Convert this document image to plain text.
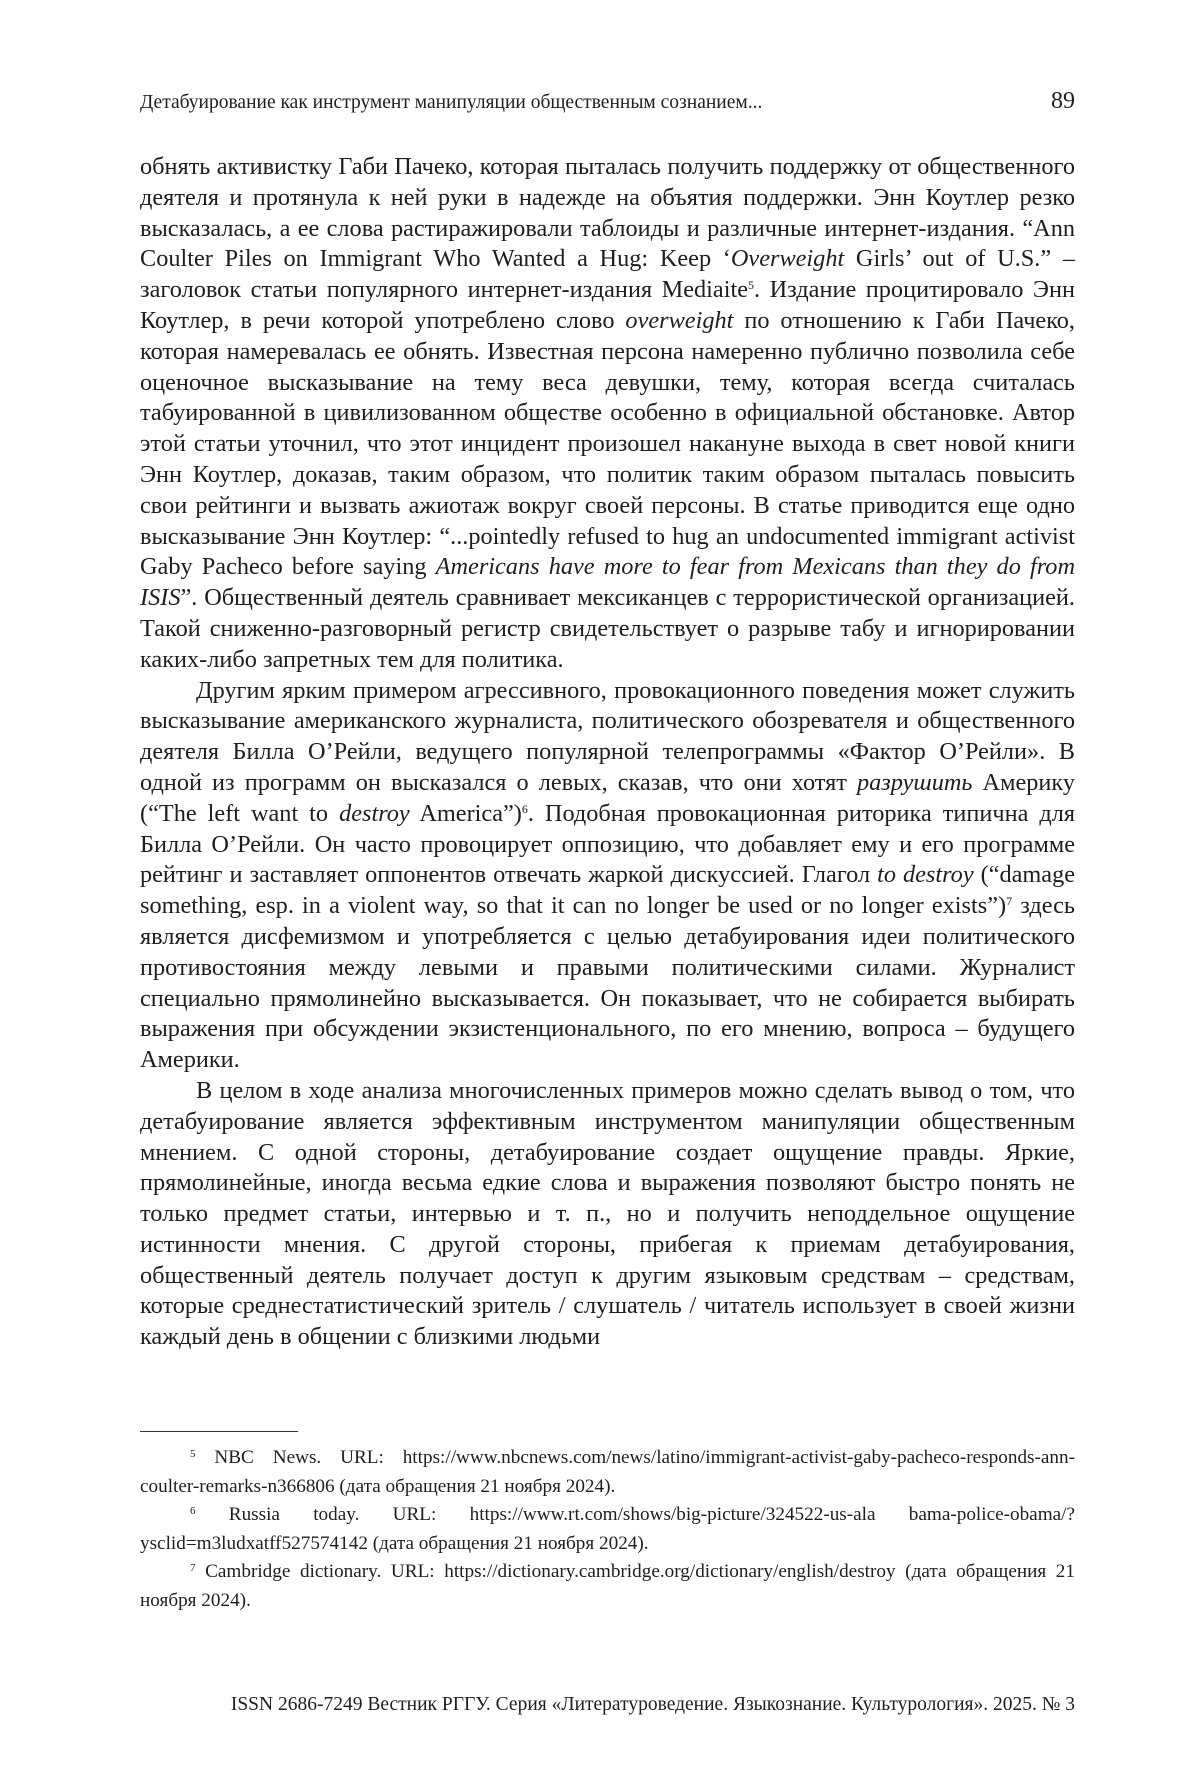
Детабуирование как инструмент манипуляции общественным сознанием...	89

обнять активистку Габи Пачеко, которая пыталась получить поддержку от общественного деятеля и протянула к ней руки в надежде на объятия поддержки. Энн Коутлер резко высказалась, а ее слова растиражировали таблоиды и различные интернет-издания. “Ann Coulter Piles on Immigrant Who Wanted a Hug: Keep ‘Overweight Girls’ out of U.S.” – заголовок статьи популярного интернет-издания Mediaite5. Издание процитировало Энн Коутлер, в речи которой употреблено слово overweight по отношению к Габи Пачеко, которая намеревалась ее обнять. Известная персона намеренно публично позволила себе оценочное высказывание на тему веса девушки, тему, которая всегда считалась табуированной в цивилизованном обществе особенно в официальной обстановке. Автор этой статьи уточнил, что этот инцидент произошел накануне выхода в свет новой книги Энн Коутлер, доказав, таким образом, что политик таким образом пыталась повысить свои рейтинги и вызвать ажиотаж вокруг своей персоны. В статье приводится еще одно высказывание Энн Коутлер: “...pointedly refused to hug an undocumented immigrant activist Gaby Pacheco before saying Americans have more to fear from Mexicans than they do from ISIS”. Общественный деятель сравнивает мексиканцев с террористической организацией. Такой сниженно-разговорный регистр свидетельствует о разрыве табу и игнорировании каких-либо запретных тем для политика.

Другим ярким примером агрессивного, провокационного поведения может служить высказывание американского журналиста, политического обозревателя и общественного деятеля Билла О’Рейли, ведущего популярной телепрограммы «Фактор О’Рейли». В одной из программ он высказался о левых, сказав, что они хотят разрушить Америку (“The left want to destroy America”)6. Подобная провокационная риторика типична для Билла О’Рейли. Он часто провоцирует оппозицию, что добавляет ему и его программе рейтинг и заставляет оппонентов отвечать жаркой дискуссией. Глагол to destroy (“damage something, esp. in a violent way, so that it can no longer be used or no longer exists”)7 здесь является дисфемизмом и употребляется с целью детабуирования идеи политического противостояния между левыми и правыми политическими силами. Журналист специально прямолинейно высказывается. Он показывает, что не собирается выбирать выражения при обсуждении экзистенционального, по его мнению, вопроса – будущего Америки.

В целом в ходе анализа многочисленных примеров можно сделать вывод о том, что детабуирование является эффективным инструментом манипуляции общественным мнением. С одной стороны, детабуирование создает ощущение правды. Яркие, прямолинейные, иногда весьма едкие слова и выражения позволяют быстро понять не только предмет статьи, интервью и т. п., но и получить неподдельное ощущение истинности мнения. С другой стороны, прибегая к приемам детабуирования, общественный деятель получает доступ к другим языковым средствам – средствам, которые среднестатистический зритель / слушатель / читатель использует в своей жизни каждый день в общении с близкими людьми

5 NBC News. URL: https://www.nbcnews.com/news/latino/immigrant-activist-gaby-pacheco-responds-ann-coulter-remarks-n366806 (дата обращения 21 ноября 2024).

6 Russia today. URL: https://www.rt.com/shows/big-picture/324522-us-ala bama-police-obama/?ysclid=m3ludxatff527574142 (дата обращения 21 ноября 2024).

7 Cambridge dictionary. URL: https://dictionary.cambridge.org/dictionary/english/destroy (дата обращения 21 ноября 2024).

ISSN 2686-7249 Вестник РГГУ. Серия «Литературоведение. Языкознание. Культурология». 2025. № 3
